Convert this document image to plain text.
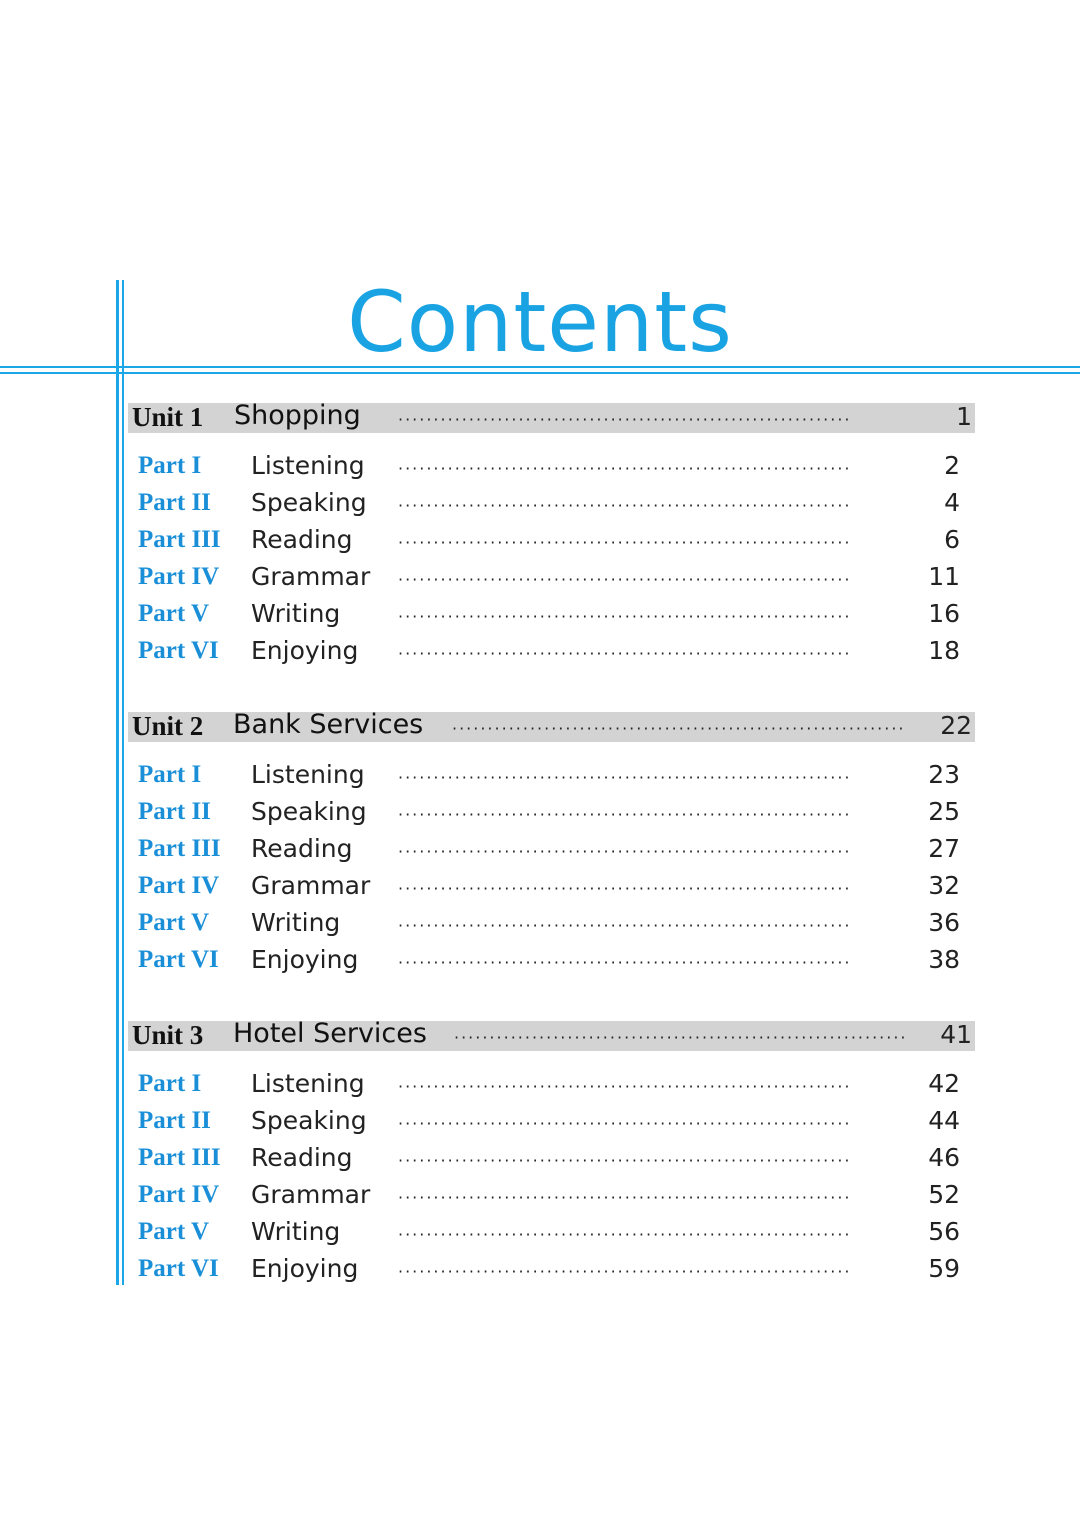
Contents
Unit 1 Shopping ································································	1
Part I Listening ································································	2
Part II Speaking ································································	4
Part III Reading	································································	6
Part IV Grammar ································································	11
Part V Writing	································································	16
Part VI Enjoying ································································	18
Unit 2 Bank Services ································································	22
Part I Listening ································································	23
Part II Speaking ································································	25
Part III Reading	································································	27
Part IV Grammar ································································	32
Part V Writing	································································	36
Part VI Enjoying ································································	38
Unit 3 Hotel Services ································································	41
Part I Listening ································································	42
Part II Speaking ································································	44
Part III Reading	································································	46
Part IV Grammar ································································	52
Part V Writing	································································	56
Part VI Enjoying ································································	59
